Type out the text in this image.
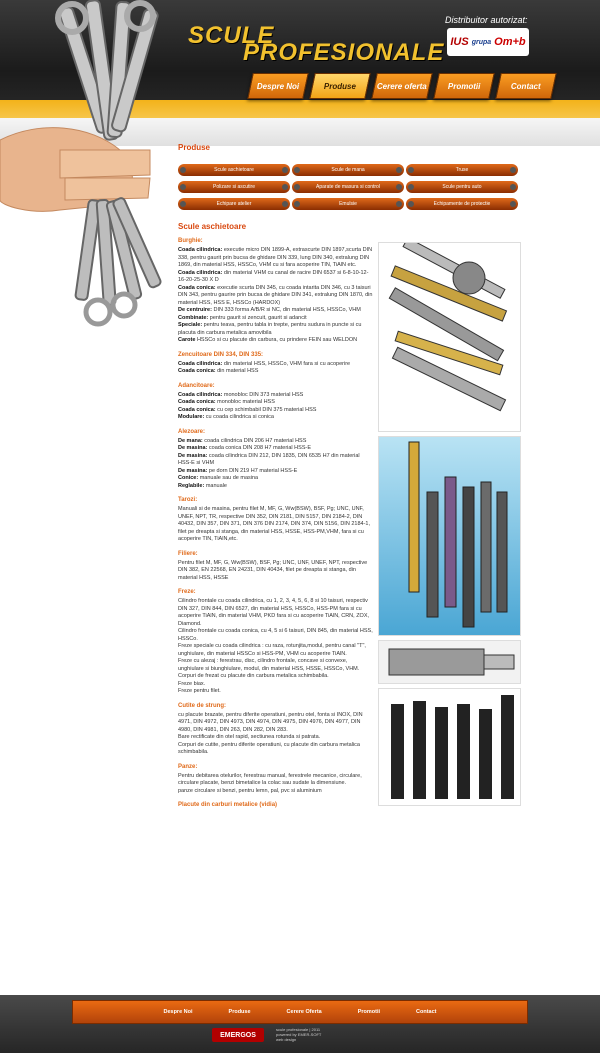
SCULE
PROFESIONALE
Distribuitor autorizat:
IUS grupa Om+b
Despre Noi	Produse	Cerere oferta	Promotii	Contact
Produse
Scule aschietoare	Scule de mana	Truse
Polizare si ascutire	Aparate de masura si control	Scule pentru auto
Echipare atelier	Emulsie	Echipamente de protectie
Scule aschietoare
Burghie:

Coada cilindrica: executie micro DIN 1899-A, extrascurte DIN 1897,scurta DIN 338, pentru gaurit prin bucsa de ghidare DIN 339, lung DIN 340, extralung DIN 1869, din material HSS, HSSCo, VHM cu si fara acoperire TIN, TiAlN etc.

Coada cilindrica: din material VHM cu canal de racire DIN 6537 si 6-8-10-12-16-20-25-30 X D

Coada conica: executie scurta DIN 345, cu coada intarita DIN 346, cu 3 taisuri DIN 343, pentru gaurire prin bucsa de ghidare DIN 341, extralung DIN 1870, din material HSS, HSS E, HSSCo (HARDOX)

De centruire: DIN 333 forma A/B/R si NC, din material HSS, HSSCo, VHM

Combinate: pentru gaurit si zencuit, gaurit si adancit

Speciale: pentru teava, pentru tabla in trepte, pentru sudura in puncte si cu placuta din carbura metalica amovibila

Carote HSSCo si cu placute din carbura, cu prindere FEIN sau WELDON

Zencuitoare DIN 334, DIN 335:

Coada cilindrica: din material HSS, HSSCo, VHM fara si cu acoperire

Coada conica: din material HSS

Adancitoare:

Coada cilindrica: monobloc DIN 373 material HSS

Coada conica: monobloc material HSS

Coada conica: cu cep schimbabil DIN 375 material HSS

Modulare: cu coada cilindrica si conica

Alezoare:

De mana: coada cilindrica DIN 206 H7 material HSS

De masina: coada conica DIN 208 H7 material HSS-E

De masina: coada cilindrica DIN 212, DIN 1835, DIN 6535 H7 din material HSS-E si VHM

De masina: pe dorn DIN 219 H7 material HSS-E

Conice: manuale sau de masina

Reglabile: manuale

Tarozi:

Manuali si de masina, pentru filet M, MF, G, Ww(BSW), BSF, Pg; UNC, UNF, UNEF, NPT, TR, respective DIN 352, DIN 2181, DIN 5157, DIN 2184-2, DIN 40432, DIN 357, DIN 371, DIN 376 DIN 2174, DIN 374, DIN 5156, DIN 2184-1, filet pe dreapta si stanga, din material HSS, HSSE, HSS-PM,VHM, fara si cu acoperire TIN, TiAlN,etc.

Filiere:

Pentru filet M, MF, G, Ww(BSW), BSF, Pg; UNC, UNF, UNEF, NPT, respective DIN 382, EN 22568, EN 24231, DIN 40434, filet pe dreapta si stanga, din material HSS, HSSE

Freze:

Cilindro frontale cu coada cilindrica, cu 1, 2, 3, 4, 5, 6, 8 si 10 taisuri, respectiv DIN 327, DIN 844, DIN 6527, din material HSS, HSSCo, HSS-PM fara si cu acoperire TiAlN, din material VHM, PKD fara si cu acoperire TiAlN, CRN, ZOX, Diamond.

Cilindro frontale cu coada conica, cu 4, 5 si 6 taisuri, DIN 845, din material HSS, HSSCo.

Freze speciale cu coada cilindrica : cu raza, rotunjita,modul, pentru canal "T", unghiulare, din material HSSCo si HSS-PM, VHM cu acoperire TiAlN.

Freze cu alezaj : ferestrau, disc, cilindro frontale, concave si convexe, unghiulare si biunghiulare, modul, din material HSS, HSSE, HSSCo, VHM.

Corpuri de frezat cu placute din carbura metalica schimbabila.

Freze biax.

Freze pentru filet.

Cutite de strung:

cu placute brazate, pentru diferite operatiuni, pentru otel, fonta si INOX, DIN 4971, DIN 4972, DIN 4973, DIN 4974, DIN 4975, DIN 4976, DIN 4977, DIN 4980, DIN 4981, DIN 263, DIN 282, DIN 283.

Bare rectificate din otel rapid, sectiunea rotunda si patrata.

Corpuri de cutite, pentru diferite operatiuni, cu placute din carbura metalica schimbabila.

Panze:

Pentru debitarea otelurilor, ferestrau manual, ferestrele mecanice, circulare, circulare placate, benzi bimetalice la colac sau sudate la dimensiune.

panze circulare si benzi, pentru lemn, pal, pvc si aluminium

Placute din carburi metalice (vidia)
Despre Noi	Produse	Cerere Oferta	Promotii	Contact
EMERGOS
scule profesionale | 2011
powered by EMER-SOFT
web design
